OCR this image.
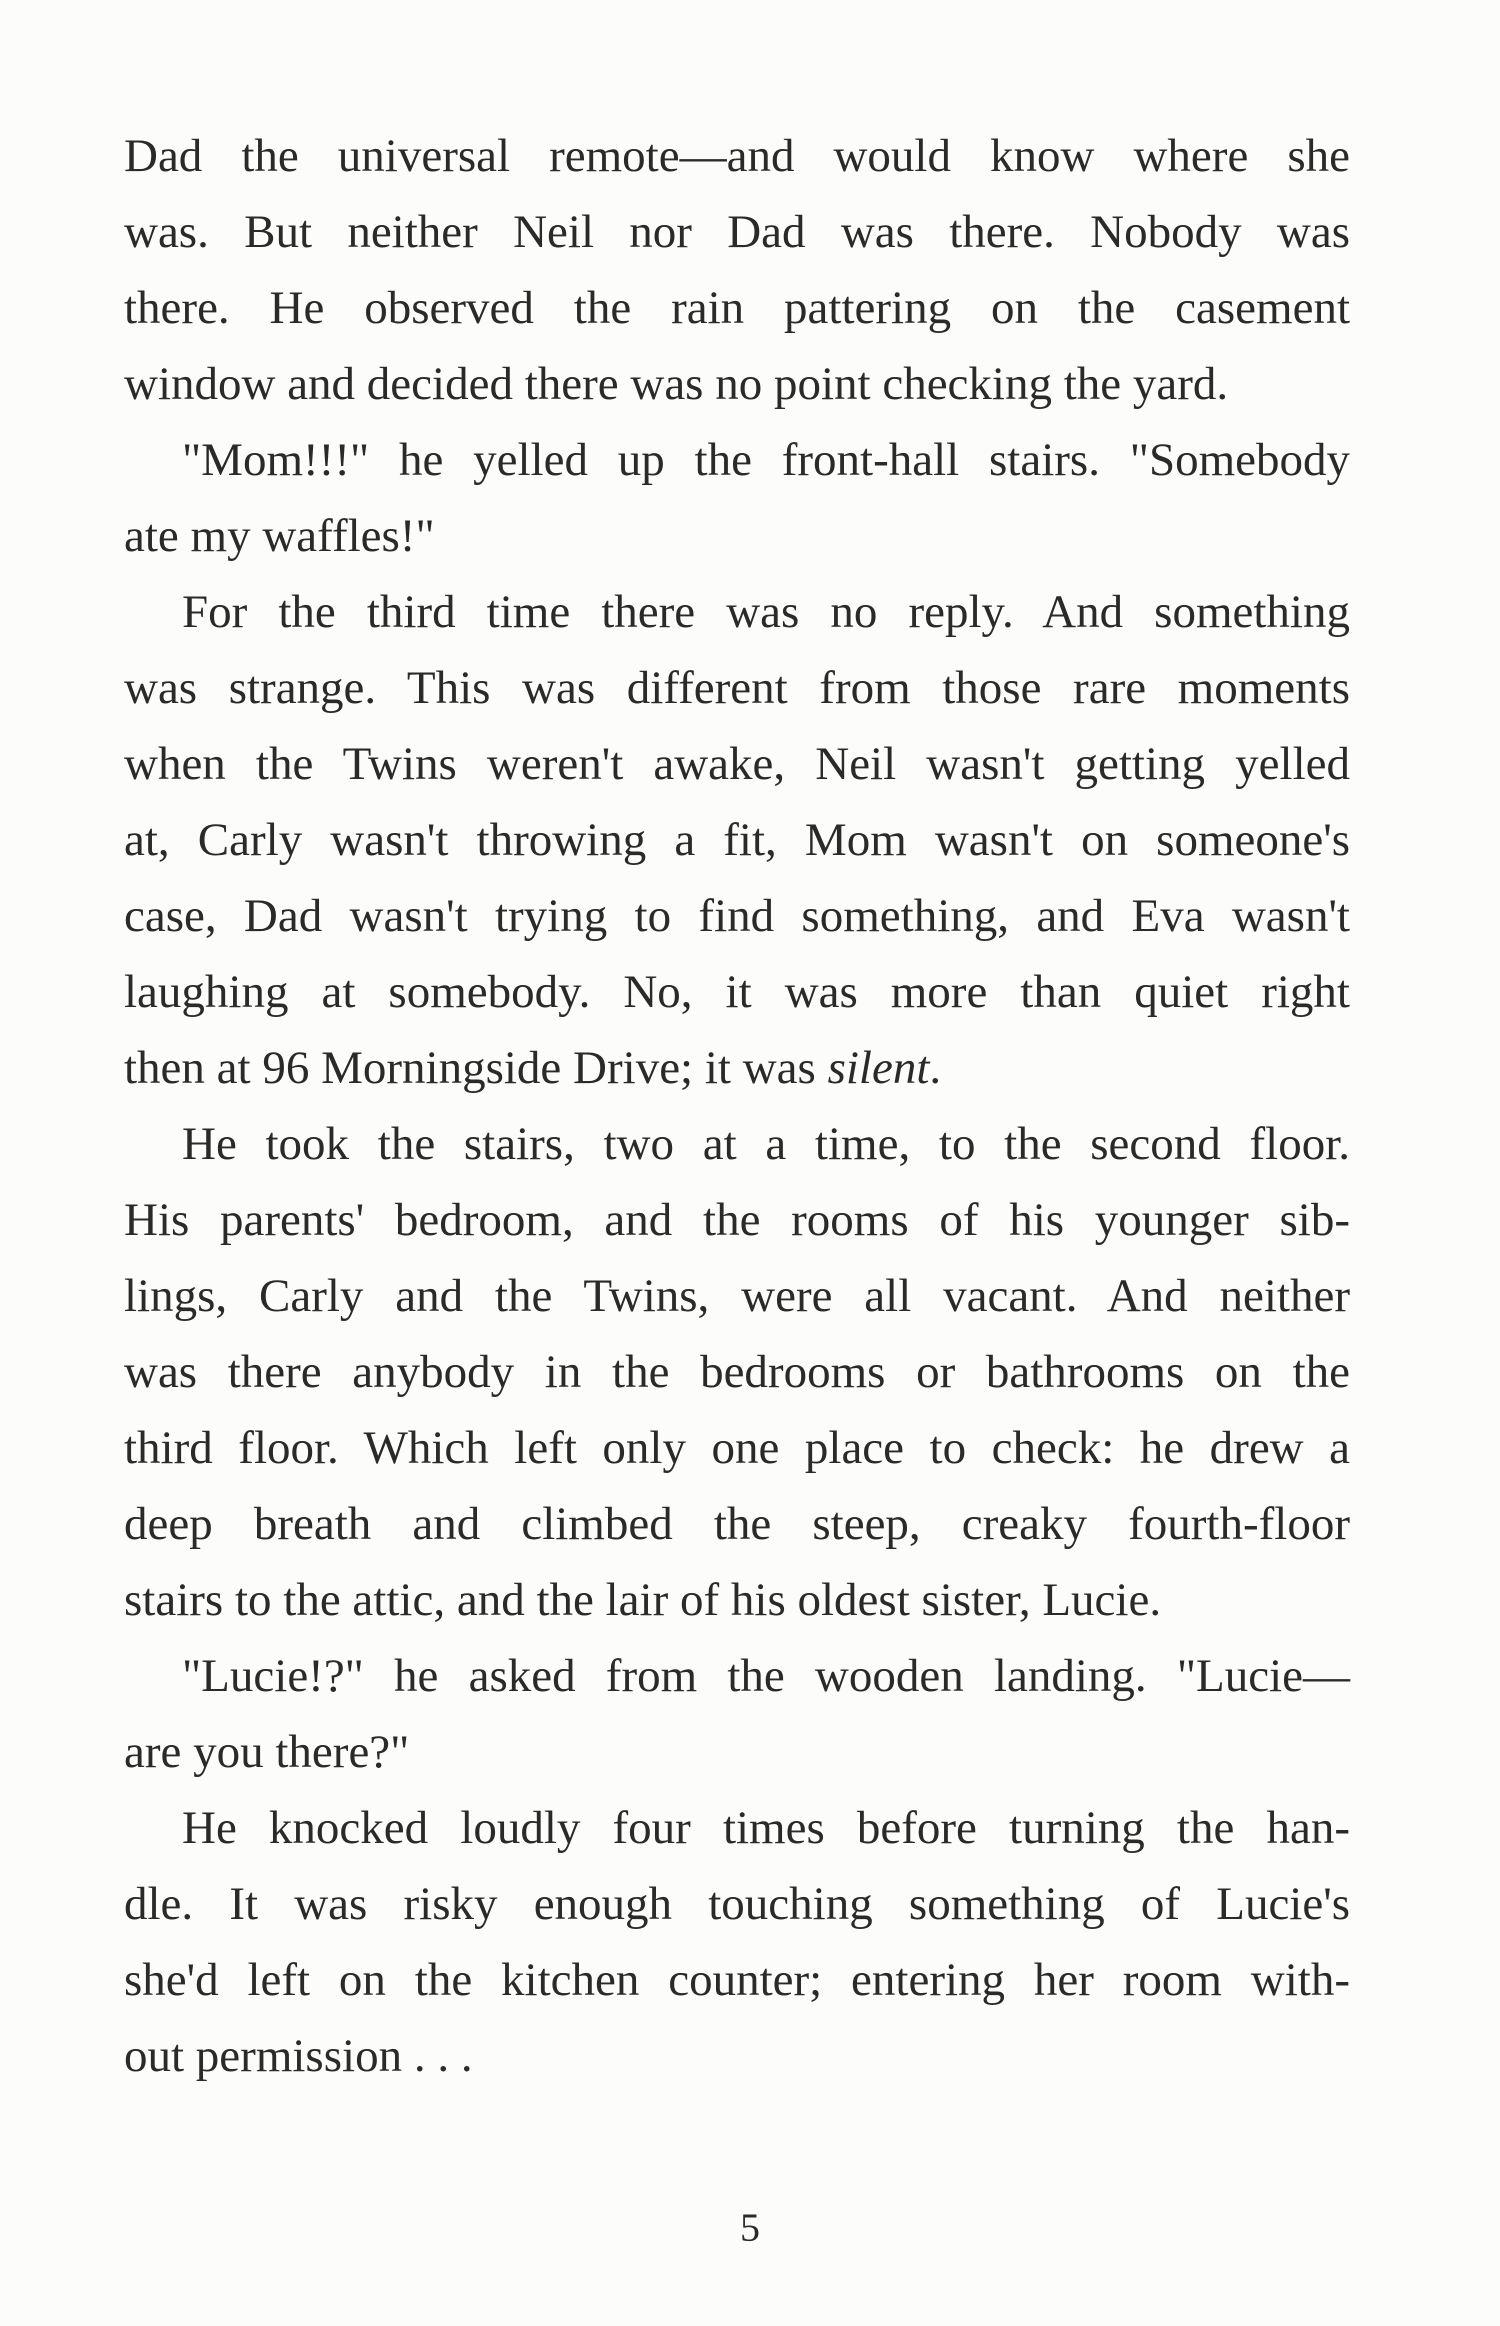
Dad the universal remote—and would know where she
was. But neither Neil nor Dad was there. Nobody was
there. He observed the rain pattering on the casement
window and decided there was no point checking the yard.
"Mom!!!" he yelled up the front-hall stairs. "Somebody
ate my waffles!"
For the third time there was no reply. And something
was strange. This was different from those rare moments
when the Twins weren't awake, Neil wasn't getting yelled
at, Carly wasn't throwing a fit, Mom wasn't on someone's
case, Dad wasn't trying to find something, and Eva wasn't
laughing at somebody. No, it was more than quiet right
then at 96 Morningside Drive; it was silent.
He took the stairs, two at a time, to the second floor.
His parents' bedroom, and the rooms of his younger sib-
lings, Carly and the Twins, were all vacant. And neither
was there anybody in the bedrooms or bathrooms on the
third floor. Which left only one place to check: he drew a
deep breath and climbed the steep, creaky fourth-floor
stairs to the attic, and the lair of his oldest sister, Lucie.
"Lucie!?" he asked from the wooden landing. "Lucie—
are you there?"
He knocked loudly four times before turning the han-
dle. It was risky enough touching something of Lucie's
she'd left on the kitchen counter; entering her room with-
out permission . . .
5
